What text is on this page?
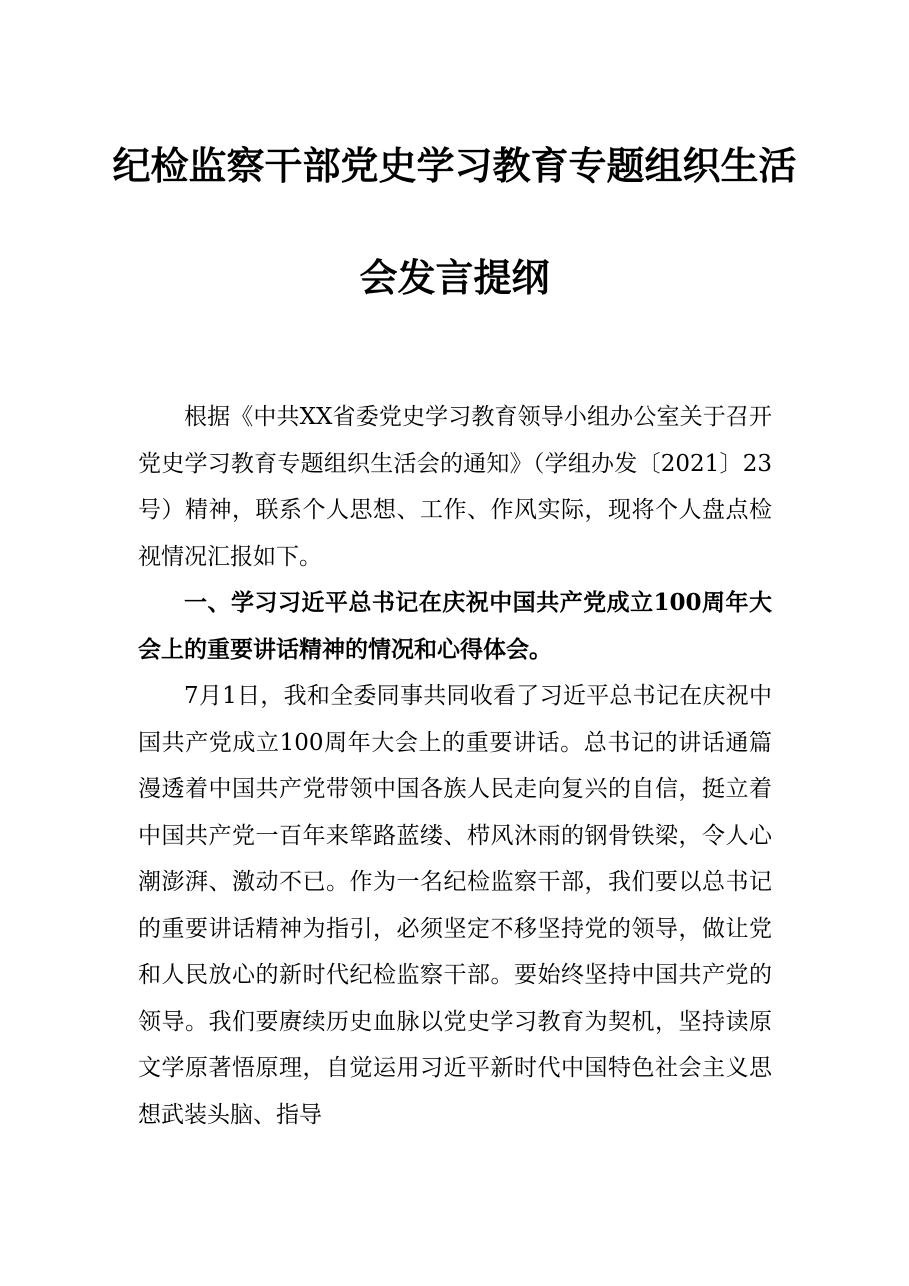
纪检监察干部党史学习教育专题组织生活
会发言提纲

根据《中共XX省委党史学习教育领导小组办公室关于召开党史学习教育专题组织生活会的通知》（学组办发〔2021〕23号）精神，联系个人思想、工作、作风实际，现将个人盘点检视情况汇报如下。

一、学习习近平总书记在庆祝中国共产党成立100周年大会上的重要讲话精神的情况和心得体会。

7月1日，我和全委同事共同收看了习近平总书记在庆祝中国共产党成立100周年大会上的重要讲话。总书记的讲话通篇漫透着中国共产党带领中国各族人民走向复兴的自信，挺立着中国共产党一百年来筚路蓝缕、栉风沐雨的钢骨铁梁，令人心潮澎湃、激动不已。作为一名纪检监察干部，我们要以总书记的重要讲话精神为指引，必须坚定不移坚持党的领导，做让党和人民放心的新时代纪检监察干部。要始终坚持中国共产党的领导。我们要赓续历史血脉以党史学习教育为契机，坚持读原文学原著悟原理，自觉运用习近平新时代中国特色社会主义思想武装头脑、指导
